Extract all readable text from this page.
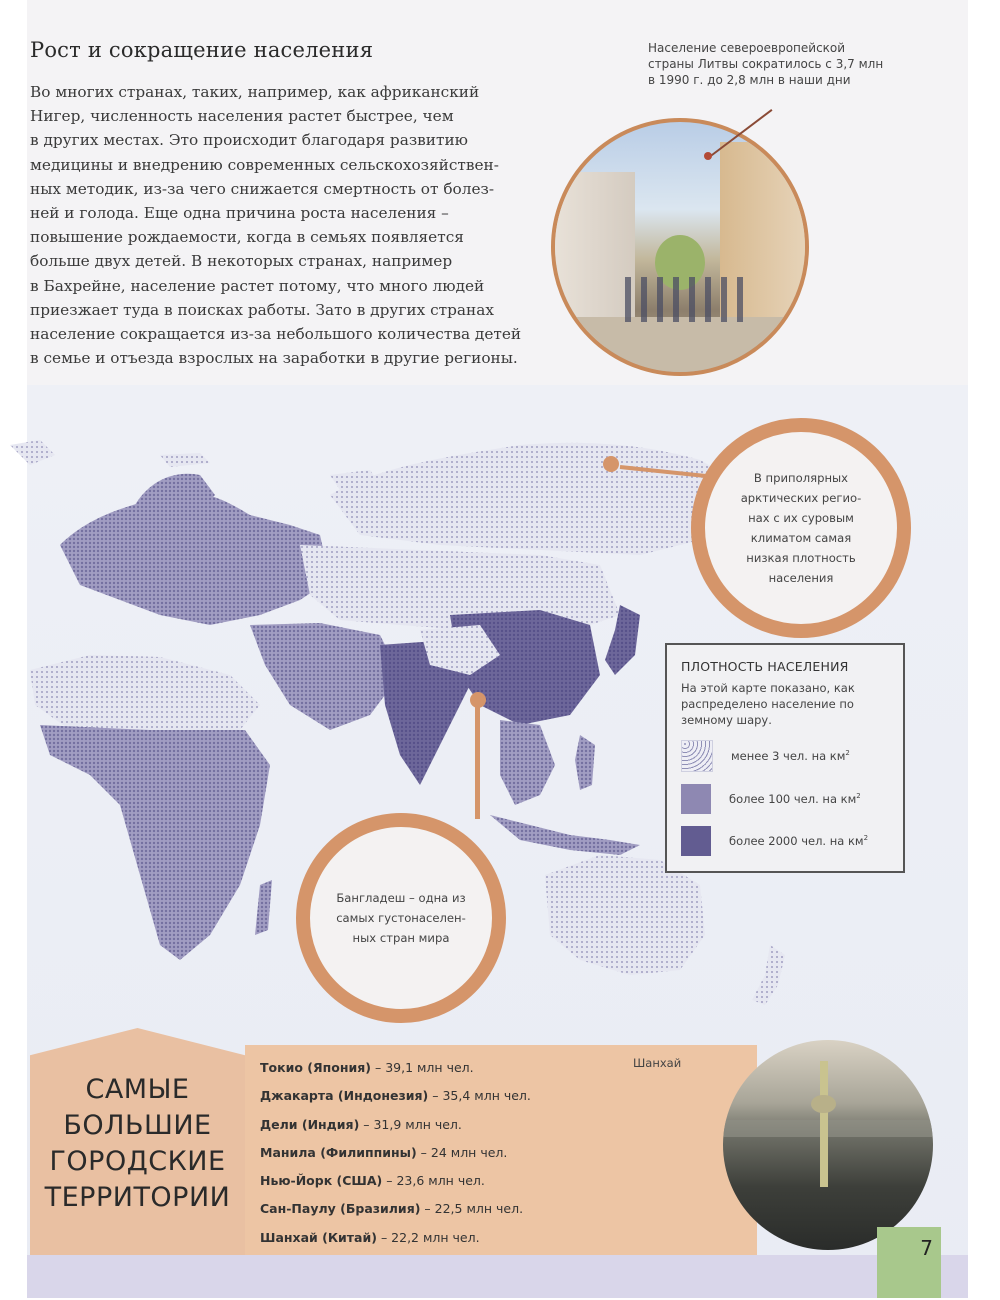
Рост и сокращение населения
Во многих странах, таких, например, как африканский
Нигер, численность населения растет быстрее, чем
в других местах. Это происходит благодаря развитию
медицины и внедрению современных сельскохозяйствен-
ных методик, из-за чего снижается смертность от болез-
ней и голода. Еще одна причина роста населения –
повышение рождаемости, когда в семьях появляется
больше двух детей. В некоторых странах, например
в Бахрейне, население растет потому, что много людей
приезжает туда в поисках работы. Зато в других странах
население сокращается из-за небольшого количества детей
в семье и отъезда взрослых на заработки в другие регионы.
Население североевропейской
страны Литвы сократилось с 3,7 млн
в 1990 г. до 2,8 млн в наши дни
В приполярных
арктических регио-
нах с их суровым
климатом самая
низкая плотность
населения
Бангладеш – одна из
самых густонаселен-
ных стран мира
ПЛОТНОСТЬ НАСЕЛЕНИЯ
На этой карте показано, как
распределено население по
земному шару.
менее 3 чел. на $км^2$
более 100 чел. на $км^2$
более 2000 чел. на $км^2$
САМЫЕ
БОЛЬШИЕ
ГОРОДСКИЕ
ТЕРРИТОРИИ
Токио (Япония) – 39,1 млн чел.
Джакарта (Индонезия) – 35,4 млн чел.
Дели (Индия) – 31,9 млн чел.
Манила (Филиппины) – 24 млн чел.
Нью-Йорк (США) – 23,6 млн чел.
Сан-Паулу (Бразилия) – 22,5 млн чел.
Шанхай (Китай) – 22,2 млн чел.
Шанхай
7
